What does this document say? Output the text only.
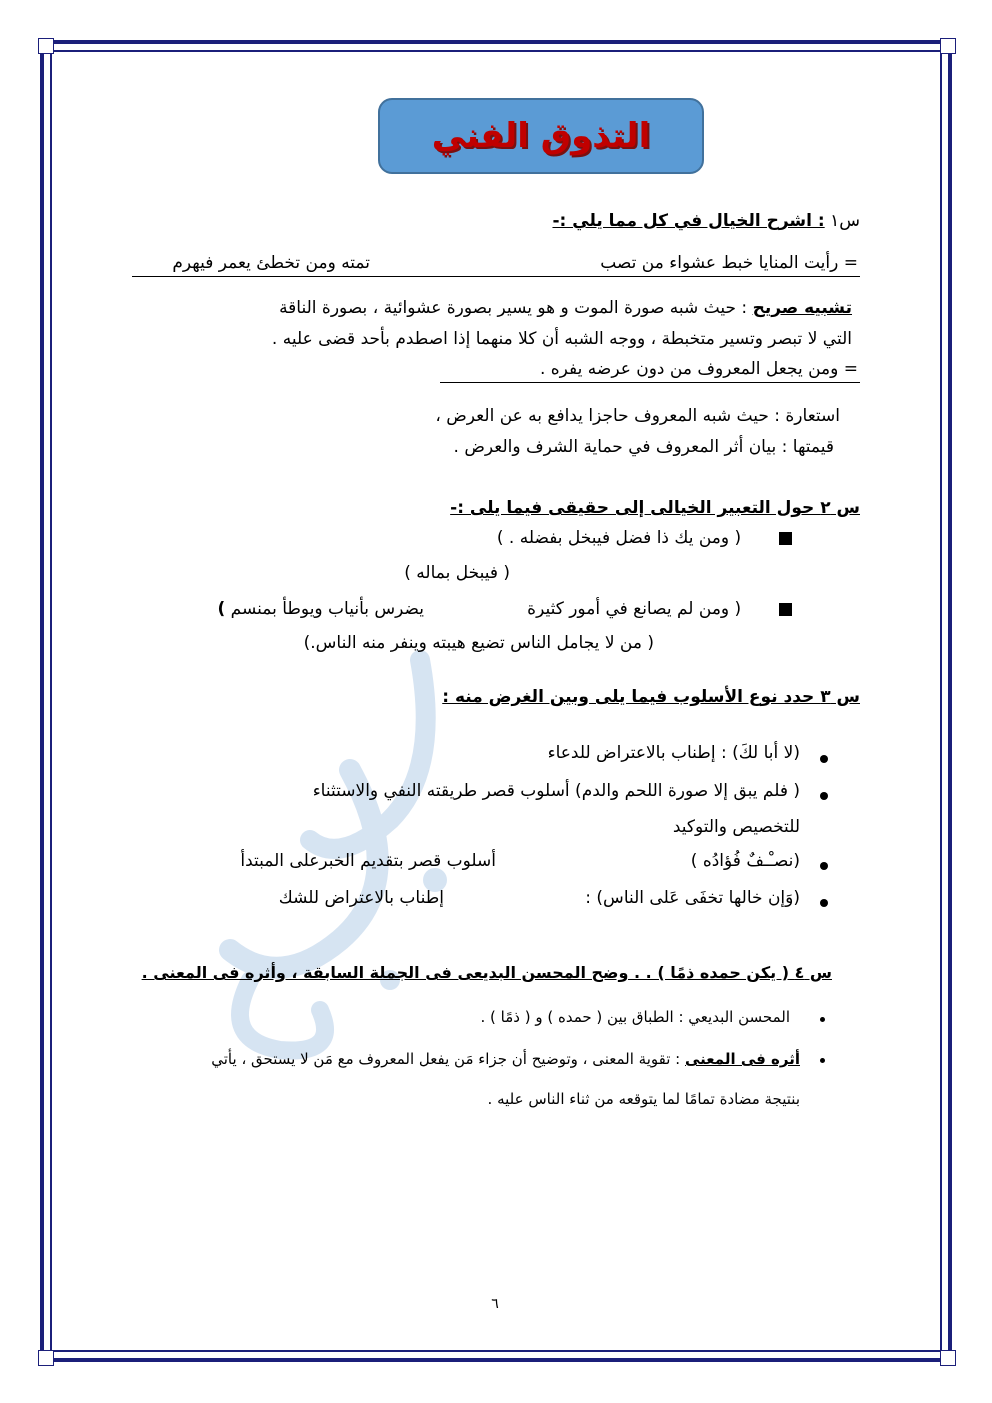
التذوق الفني
س١ : اشرح الخيال في كل مما يلي :-
= رأيت المنايا خبط عشواء من تصب
تمته ومن تخطئ يعمر فيهرم
تشبيه صريح : حيث شبه صورة الموت و هو يسير بصورة عشوائية ، بصورة الناقة
التي لا تبصر وتسير متخبطة ، ووجه الشبه أن كلا منهما إذا اصطدم بأحد قضى عليه .
= ومن يجعل المعروف من دون عرضه يفره .
استعارة : حيث شبه المعروف حاجزا يدافع به عن العرض ،
قيمتها : بيان أثر المعروف في حماية الشرف والعرض .
س ٢ حول التعبير الخيالى إلى حقيقى فيما يلى :-
( ومن يك ذا فضل فيبخل بفضله . )
( فيبخل بماله )
( ومن لم يصانع في أمور كثيرة
يضرس بأنياب ويوطأ بمنسم )
( من لا يجامل الناس تضيع هيبته وينفر منه الناس.)
س ٣ حدد نوع الأسلوب فيما يلى وبين الغرض منه :
(لا أبا لكَ) : إطناب بالاعتراض للدعاء
( فلم يبق إلا صورة اللحم والدم) أسلوب قصر طريقته النفي والاستثناء
للتخصيص والتوكيد
(نصـْـفٌ فُؤادُه )
أسلوب قصر بتقديم الخبرعلى المبتدأ
(وَإن خالها تخفَى عَلى الناس) :
إطناب بالاعتراض للشك
س ٤ ( يكن حمده ذمًا ) . . وضح المحسن البديعى فى الجملة السابقة ، وأثره فى المعنى .
المحسن البديعي : الطباق بين ( حمده ) و ( ذمًا ) .
أثره فى المعنى : تقوية المعنى ، وتوضيح أن جزاء مَن يفعل المعروف مع مَن لا يستحق ، يأتي
بنتيجة مضادة تمامًا لما يتوقعه من ثناء الناس عليه .
٦
